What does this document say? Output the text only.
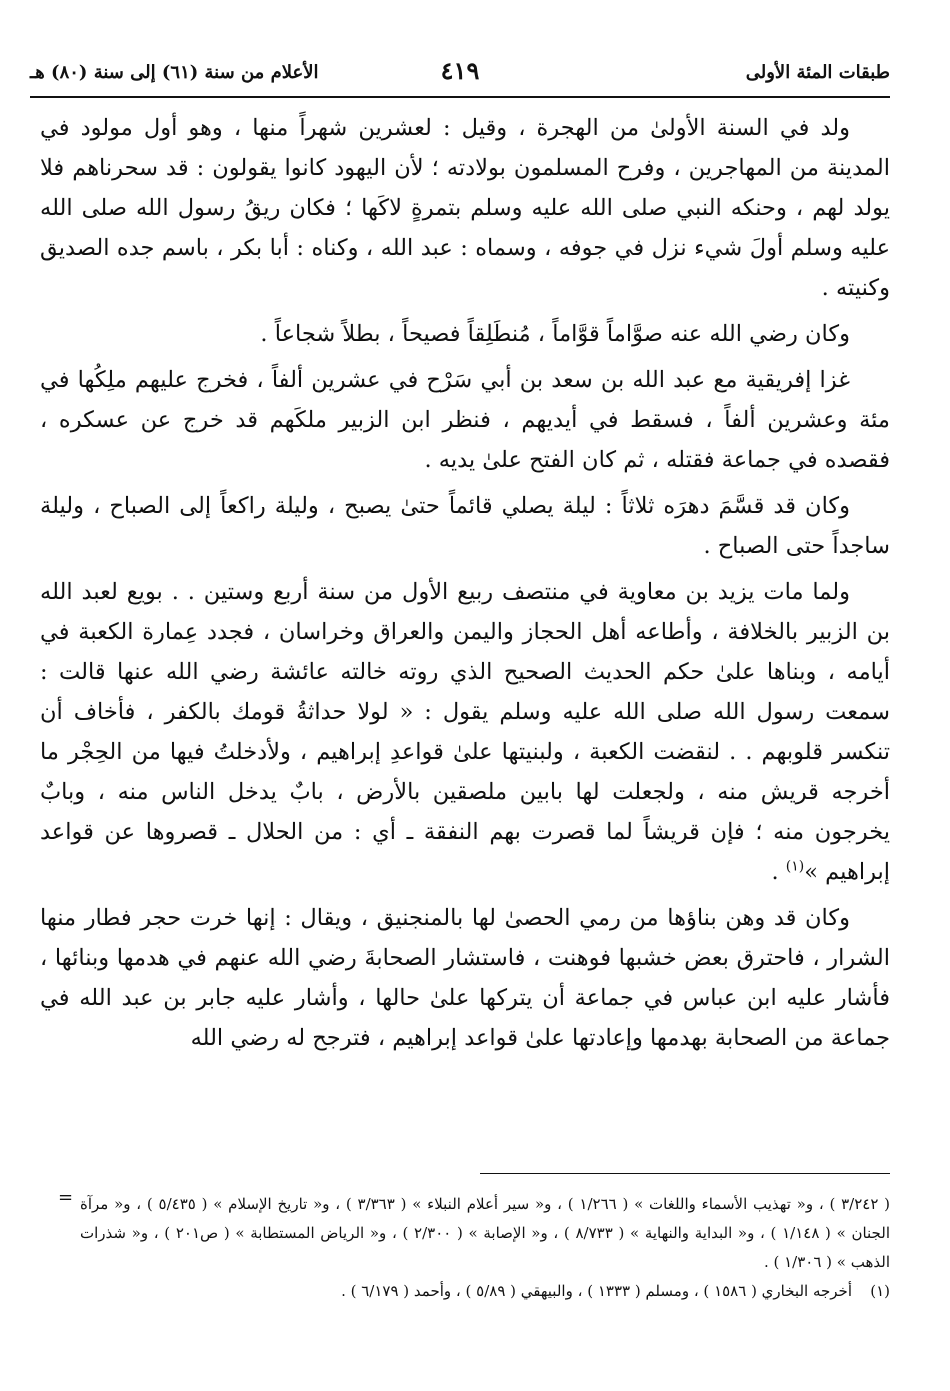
طبقات المئة الأولى
٤١٩
الأعلام من سنة (٦١) إلى سنة (٨٠) هـ

ولد في السنة الأولىٰ من الهجرة ، وقيل : لعشرين شهراً منها ، وهو أول مولود في المدينة من المهاجرين ، وفرح المسلمون بولادته ؛ لأن اليهود كانوا يقولون : قد سحرناهم فلا يولد لهم ، وحنكه النبي صلى الله عليه وسلم بتمرةٍ لاكَها ؛ فكان ريقُ رسول الله صلى الله عليه وسلم أولَ شيء نزل في جوفه ، وسماه : عبد الله ، وكناه : أبا بكر ، باسم جده الصديق وكنيته .

وكان رضي الله عنه صوَّاماً قوَّاماً ، مُنطَلِقاً فصيحاً ، بطلاً شجاعاً .

غزا إفريقية مع عبد الله بن سعد بن أبي سَرْح في عشرين ألفاً ، فخرج عليهم ملِكُها في مئة وعشرين ألفاً ، فسقط في أيديهم ، فنظر ابن الزبير ملكَهم قد خرج عن عسكره ، فقصده في جماعة فقتله ، ثم كان الفتح علىٰ يديه .

وكان قد قسَّمَ دهرَه ثلاثاً : ليلة يصلي قائماً حتىٰ يصبح ، وليلة راكعاً إلى الصباح ، وليلة ساجداً حتى الصباح .

ولما مات يزيد بن معاوية في منتصف ربيع الأول من سنة أربع وستين . . بويع لعبد الله بن الزبير بالخلافة ، وأطاعه أهل الحجاز واليمن والعراق وخراسان ، فجدد عِمارة الكعبة في أيامه ، وبناها علىٰ حكم الحديث الصحيح الذي روته خالته عائشة رضي الله عنها قالت : سمعت رسول الله صلى الله عليه وسلم يقول : « لولا حداثةُ قومك بالكفر ، فأخاف أن تنكسر قلوبهم . . لنقضت الكعبة ، ولبنيتها علىٰ قواعدِ إبراهيم ، ولأدخلتُ فيها من الحِجْر ما أخرجه قريش منه ، ولجعلت لها بابين ملصقين بالأرض ، بابٌ يدخل الناس منه ، وبابٌ يخرجون منه ؛ فإن قريشاً لما قصرت بهم النفقة ـ أي : من الحلال ـ قصروها عن قواعد إبراهيم »$^{(١)}$ .

وكان قد وهن بناؤها من رمي الحصىٰ لها بالمنجنيق ، ويقال : إنها خرت حجر فطار منها الشرار ، فاحترق بعض خشبها فوهنت ، فاستشار الصحابةَ رضي الله عنهم في هدمها وبنائها ، فأشار عليه ابن عباس في جماعة أن يتركها علىٰ حالها ، وأشار عليه جابر بن عبد الله في جماعة من الصحابة بهدمها وإعادتها علىٰ قواعد إبراهيم ، فترجح له رضي الله

= ( ٣/٢٤٢ ) ، و« تهذيب الأسماء واللغات » ( ١/٢٦٦ ) ، و« سير أعلام النبلاء » ( ٣/٣٦٣ ) ، و« تاريخ الإسلام » ( ٥/٤٣٥ ) ، و« مرآة الجنان » ( ١/١٤٨ ) ، و« البداية والنهاية » ( ٨/٧٣٣ ) ، و« الإصابة » ( ٢/٣٠٠ ) ، و« الرياض المستطابة » ( ص٢٠١ ) ، و« شذرات الذهب » ( ١/٣٠٦ ) .

(١)
أخرجه البخاري ( ١٥٨٦ ) ، ومسلم ( ١٣٣٣ ) ، والبيهقي ( ٥/٨٩ ) ، وأحمد ( ٦/١٧٩ ) .
